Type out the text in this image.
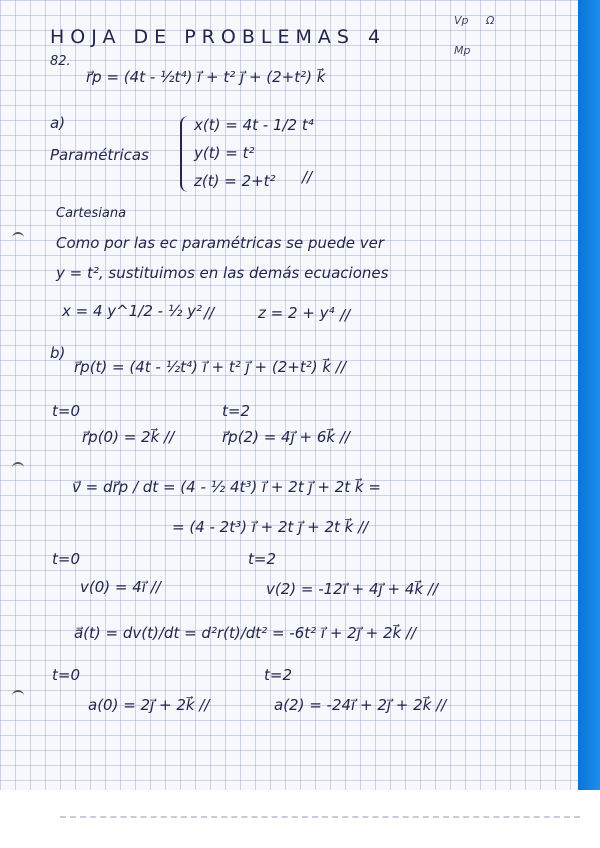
HOJA DE PROBLEMAS 4
Vp Ω
Mp
82.
r⃗p = (4t - ½t⁴) i⃗ + t² j⃗ + (2+t²) k⃗
a)
Paramétricas
x(t) = 4t - 1/2 t⁴
y(t) = t²
z(t) = 2+t² //
Cartesiana
Como por las ec paramétricas se puede ver
y = t², sustituimos en las demás ecuaciones
x = 4 y^1/2 - ½ y² //	z = 2 + y⁴ //
b)
r⃗p(t) = (4t - ½t⁴) i⃗ + t² j⃗ + (2+t²) k⃗ //
t=0	t=2
r⃗p(0) = 2k⃗ //	r⃗p(2) = 4j⃗ + 6k⃗ //
v⃗ = dr⃗p / dt = (4 - ½ 4t³) i⃗ + 2t j⃗ + 2t k⃗ =
= (4 - 2t³) i⃗ + 2t j⃗ + 2t k⃗ //
t=0	t=2
v(0) = 4i⃗ //	v(2) = -12i⃗ + 4j⃗ + 4k⃗ //
a⃗(t) = dv(t)/dt = d²r(t)/dt² = -6t² i⃗ + 2j⃗ + 2k⃗ //
t=0	t=2
a(0) = 2j⃗ + 2k⃗ //	a(2) = -24i⃗ + 2j⃗ + 2k⃗ //
